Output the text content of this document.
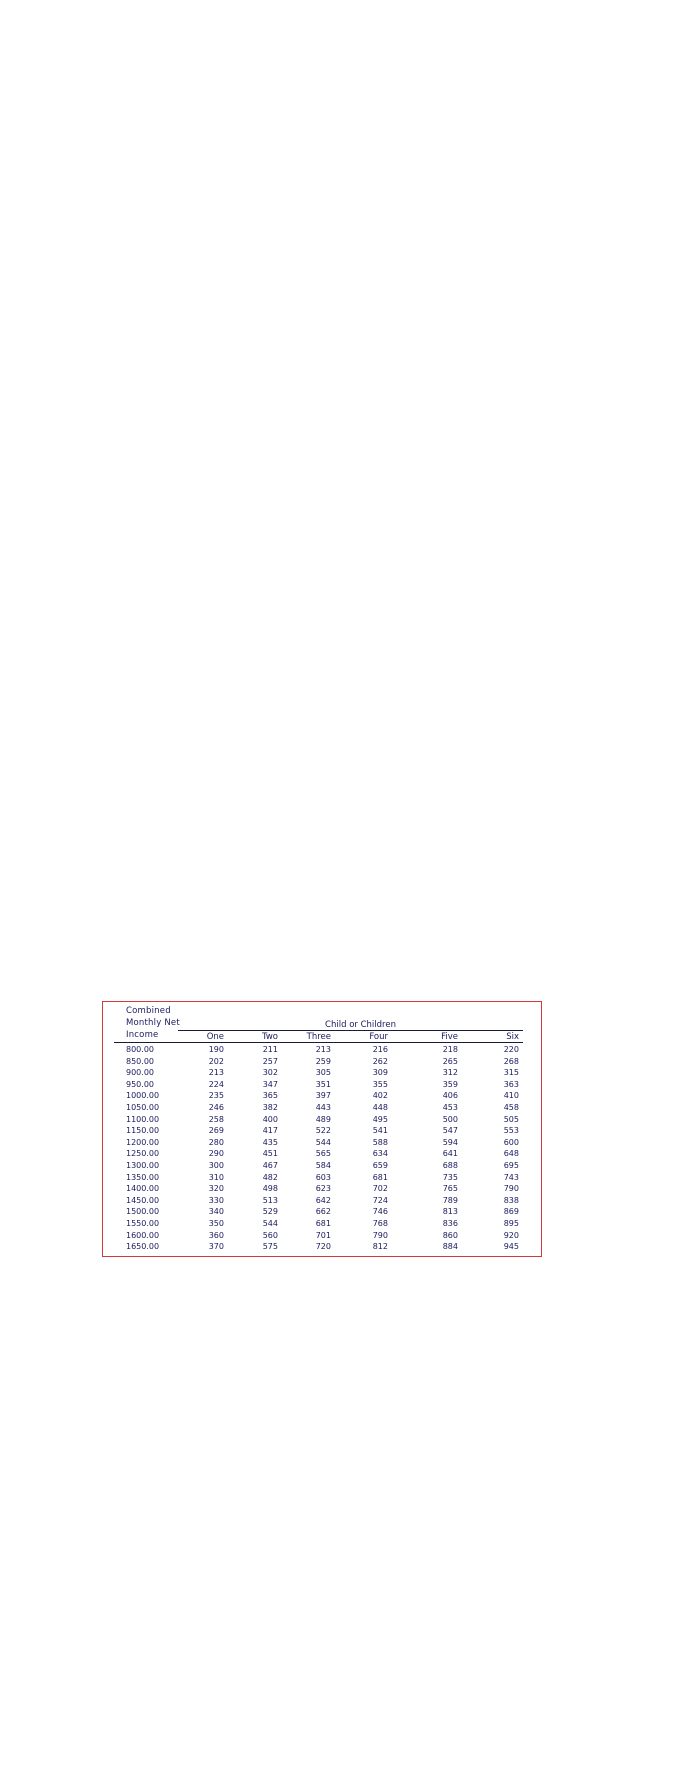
Combined
Monthly Net
Income
Child or Children
One	Two	Three	Four	Five	Six
800.00	190	211	213	216	218	220
850.00	202	257	259	262	265	268
900.00	213	302	305	309	312	315
950.00	224	347	351	355	359	363
1000.00	235	365	397	402	406	410
1050.00	246	382	443	448	453	458
1100.00	258	400	489	495	500	505
1150.00	269	417	522	541	547	553
1200.00	280	435	544	588	594	600
1250.00	290	451	565	634	641	648
1300.00	300	467	584	659	688	695
1350.00	310	482	603	681	735	743
1400.00	320	498	623	702	765	790
1450.00	330	513	642	724	789	838
1500.00	340	529	662	746	813	869
1550.00	350	544	681	768	836	895
1600.00	360	560	701	790	860	920
1650.00	370	575	720	812	884	945
